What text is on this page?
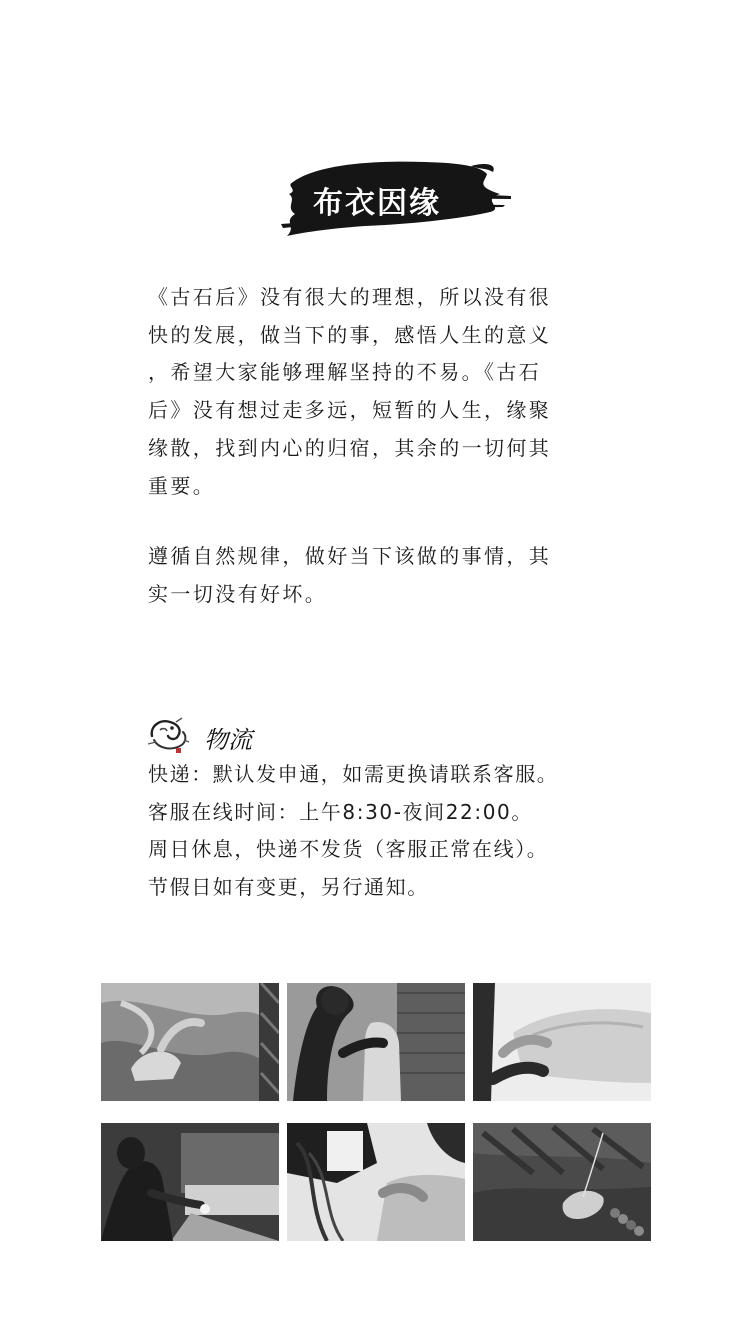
布衣因缘
《古石后》没有很大的理想，所以没有很
快的发展，做当下的事，感悟人生的意义
，希望大家能够理解坚持的不易。《古石
后》没有想过走多远，短暂的人生，缘聚
缘散，找到内心的归宿，其余的一切何其
重要。
遵循自然规律，做好当下该做的事情，其
实一切没有好坏。
物流
快递：默认发申通，如需更换请联系客服。
客服在线时间：上午8:30-夜间22:00。
周日休息，快递不发货（客服正常在线）。
节假日如有变更，另行通知。
